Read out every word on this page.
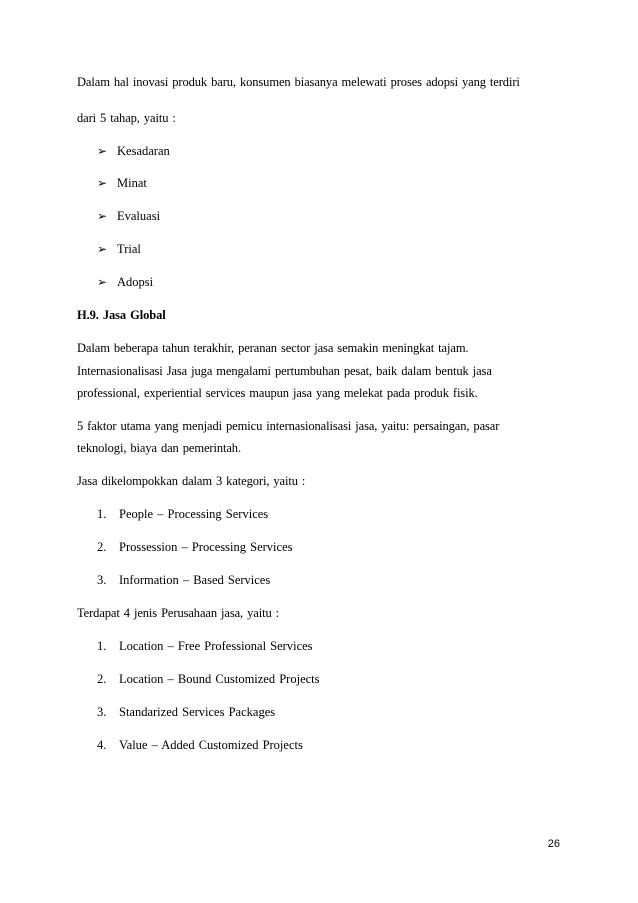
Dalam hal inovasi produk baru, konsumen biasanya melewati proses adopsi yang terdiri
dari 5 tahap, yaitu :
➢ Kesadaran
➢ Minat
➢ Evaluasi
➢ Trial
➢ Adopsi
H.9. Jasa Global
Dalam beberapa tahun terakhir, peranan sector jasa semakin meningkat tajam.
Internasionalisasi Jasa juga mengalami pertumbuhan pesat, baik dalam bentuk jasa
professional, experiential services maupun jasa yang melekat pada produk fisik.
5 faktor utama yang menjadi pemicu internasionalisasi jasa, yaitu: persaingan, pasar
teknologi, biaya dan pemerintah.
Jasa dikelompokkan dalam 3 kategori, yaitu :
1. People – Processing Services
2. Prossession – Processing Services
3. Information – Based Services
Terdapat 4 jenis Perusahaan jasa, yaitu :
1. Location – Free Professional Services
2. Location – Bound Customized Projects
3. Standarized Services Packages
4. Value – Added Customized Projects
26
